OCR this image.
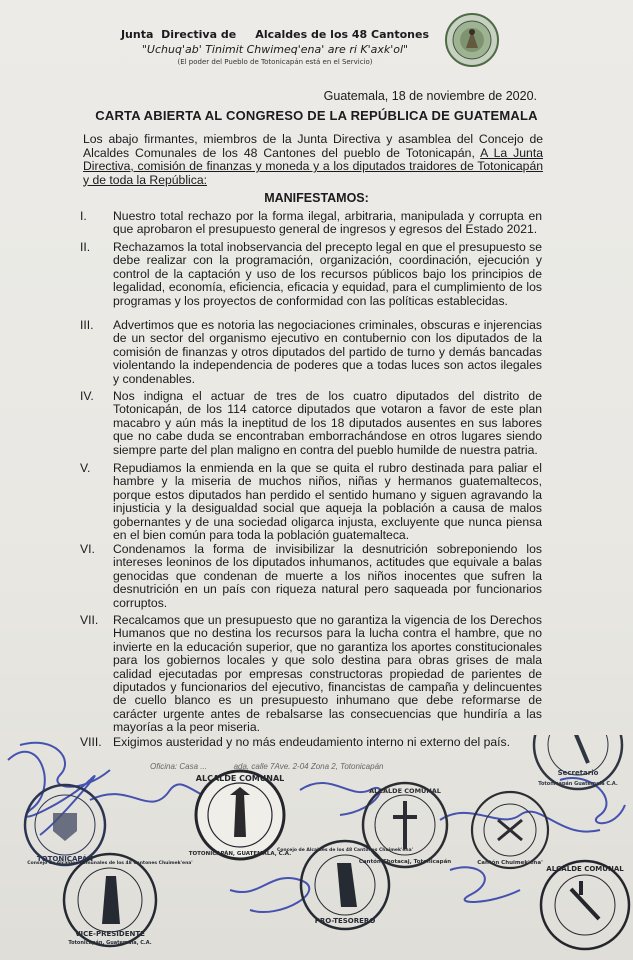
Junta  Directiva de     Alcaldes de los 48 Cantones
"Uchuq'ab' Tinimit Chwimeq'ena' are ri K'axk'ol"
(El poder del Pueblo de Totonicapán está en el Servicio)
Guatemala, 18 de noviembre de 2020.
CARTA ABIERTA AL CONGRESO DE LA REPÚBLICA DE GUATEMALA
Los abajo firmantes, miembros de la Junta Directiva y asamblea del Concejo de Alcaldes Comunales de los 48 Cantones del pueblo de Totonicapán, A La Junta Directiva, comisión de finanzas y moneda y a los diputados traidores de Totonicapán y de toda la República:
MANIFESTAMOS:
I.	Nuestro total rechazo por la forma ilegal, arbitraria, manipulada y corrupta en que aprobaron el presupuesto general de ingresos y egresos del Estado 2021.
II.	Rechazamos la total inobservancia del precepto legal en que el presupuesto se debe realizar con la programación, organización, coordinación, ejecución y control de la captación y uso de los recursos públicos bajo los principios de legalidad, economía, eficiencia, eficacia y equidad, para el cumplimiento de los programas y los proyectos de conformidad con las políticas establecidas.
III.	Advertimos que es notoria las negociaciones criminales, obscuras e injerencias de un sector del organismo ejecutivo en contubernio con los diputados de la comisión de finanzas y otros diputados del partido de turno y demás bancadas violentando la independencia de poderes que a todas luces son actos ilegales y condenables.
IV.	Nos indigna el actuar de tres de los cuatro diputados del distrito de Totonicapán, de los 114 catorce diputados que votaron a favor de este plan macabro y aún más la ineptitud de los 18 diputados ausentes en sus labores que no cabe duda se encontraban emborrachándose en otros lugares siendo siempre parte del plan maligno en contra del pueblo humilde de nuestra patria.
V.	Repudiamos la enmienda en la que se quita el rubro destinada para paliar el hambre y la miseria de muchos niños, niñas y hermanos guatemaltecos, porque estos diputados han perdido el sentido humano y siguen agravando la injusticia y la desigualdad social que aqueja la población a causa de malos gobernantes y de una sociedad oligarca injusta, excluyente que nunca piensa en el bien común para toda la población guatemalteca.
VI.	Condenamos la forma de invisibilizar la desnutrición sobreponiendo los intereses leoninos de los diputados inhumanos, actitudes que equivale a balas genocidas que condenan de muerte a los niños inocentes que sufren la desnutrición en un país con riqueza natural pero saqueada por funcionarios corruptos.
VII.	Recalcamos que un presupuesto que no garantiza la vigencia de los Derechos Humanos que no destina los recursos para la lucha contra el hambre, que no invierte en la educación superior, que no garantiza los aportes constitucionales para los gobiernos locales y que solo destina para obras grises de mala calidad ejecutadas por empresas constructoras propiedad de parientes de diputados y funcionarios del ejecutivo, financistas de campaña y delincuentes de cuello blanco es un presupuesto inhumano que debe reformarse de carácter urgente antes de rebalsarse las consecuencias que hundiría a las mayorías a la peor miseria.
VIII. Exigimos austeridad y no más endeudamiento interno ni externo del país.
Oficina: Casa ...            ada, calle 7Ave. 2-04 Zona 2, Totonicapán
TOTONICAPÁN
ALCALDE COMUNAL
TOTONICAPÁN, GUATEMALA, C.A.
ALCALDE COMUNAL
Cantón Chotacaj, Totonicapán	Cantón Chuimek'ena'
Secretario
Totonicapán Guatemala C.A.
Consejo de Alcaldes Comunales de los 48 Cantones Chuimek'ena'
VICE-PRESIDENTE
Totonicapán, Guatemala, C.A.
Concejo de Alcaldes de los 48 Cantones Chuimek'ena'
PRO-TESORERO
ALCALDE COMUNAL
